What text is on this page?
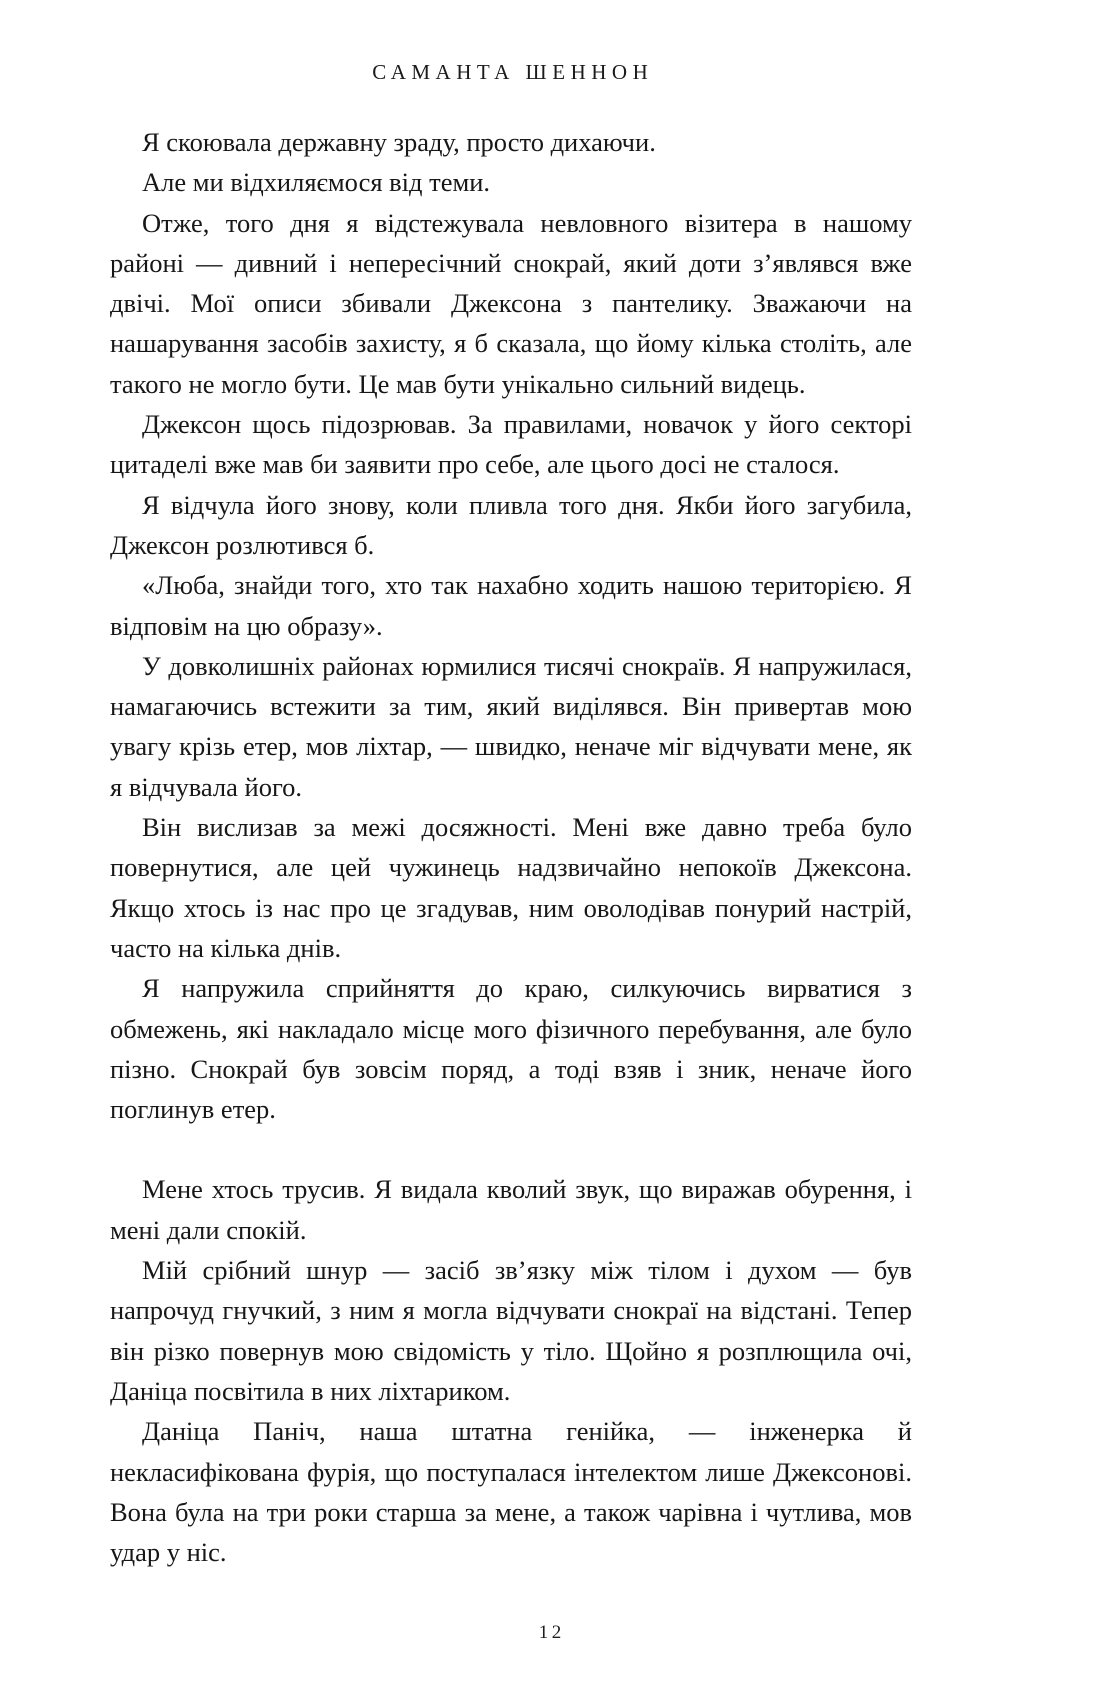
САМАНТА ШЕННОН

Я скоювала державну зраду, просто дихаючи.

Але ми відхиляємося від теми.

Отже, того дня я відстежувала невловного візитера в нашому районі — дивний і непересічний снокрай, який доти з’являвся вже двічі. Мої описи збивали Джексона з пантелику. Зважаючи на нашарування засобів захисту, я б сказала, що йому кілька століть, але такого не могло бути. Це мав бути унікально сильний видець.

Джексон щось підозрював. За правилами, новачок у його секторі цитаделі вже мав би заявити про себе, але цього досі не сталося.

Я відчула його знову, коли пливла того дня. Якби його загубила, Джексон розлютився б.

«Люба, знайди того, хто так нахабно ходить нашою територією. Я відповім на цю образу».

У довколишніх районах юрмилися тисячі снокраїв. Я напружилася, намагаючись встежити за тим, який виділявся. Він привертав мою увагу крізь етер, мов ліхтар, — швидко, неначе міг відчувати мене, як я відчувала його.

Він вислизав за межі досяжності. Мені вже давно треба було повернутися, але цей чужинець надзвичайно непокоїв Джексона. Якщо хтось із нас про це згадував, ним оволодівав понурий настрій, часто на кілька днів.

Я напружила сприйняття до краю, силкуючись вирватися з обмежень, які накладало місце мого фізичного перебування, але було пізно. Снокрай був зовсім поряд, а тоді взяв і зник, неначе його поглинув етер.

Мене хтось трусив. Я видала кволий звук, що виражав обурення, і мені дали спокій.

Мій срібний шнур — засіб зв’язку між тілом і духом — був напрочуд гнучкий, з ним я могла відчувати снокраї на відстані. Тепер він різко повернув мою свідомість у тіло. Щойно я розплющила очі, Даніца посвітила в них ліхтариком.

Даніца Паніч, наша штатна генійка, — інженерка й некласифікована фурія, що поступалася інтелектом лише Джексонові. Вона була на три роки старша за мене, а також чарівна і чутлива, мов удар у ніс.

12
